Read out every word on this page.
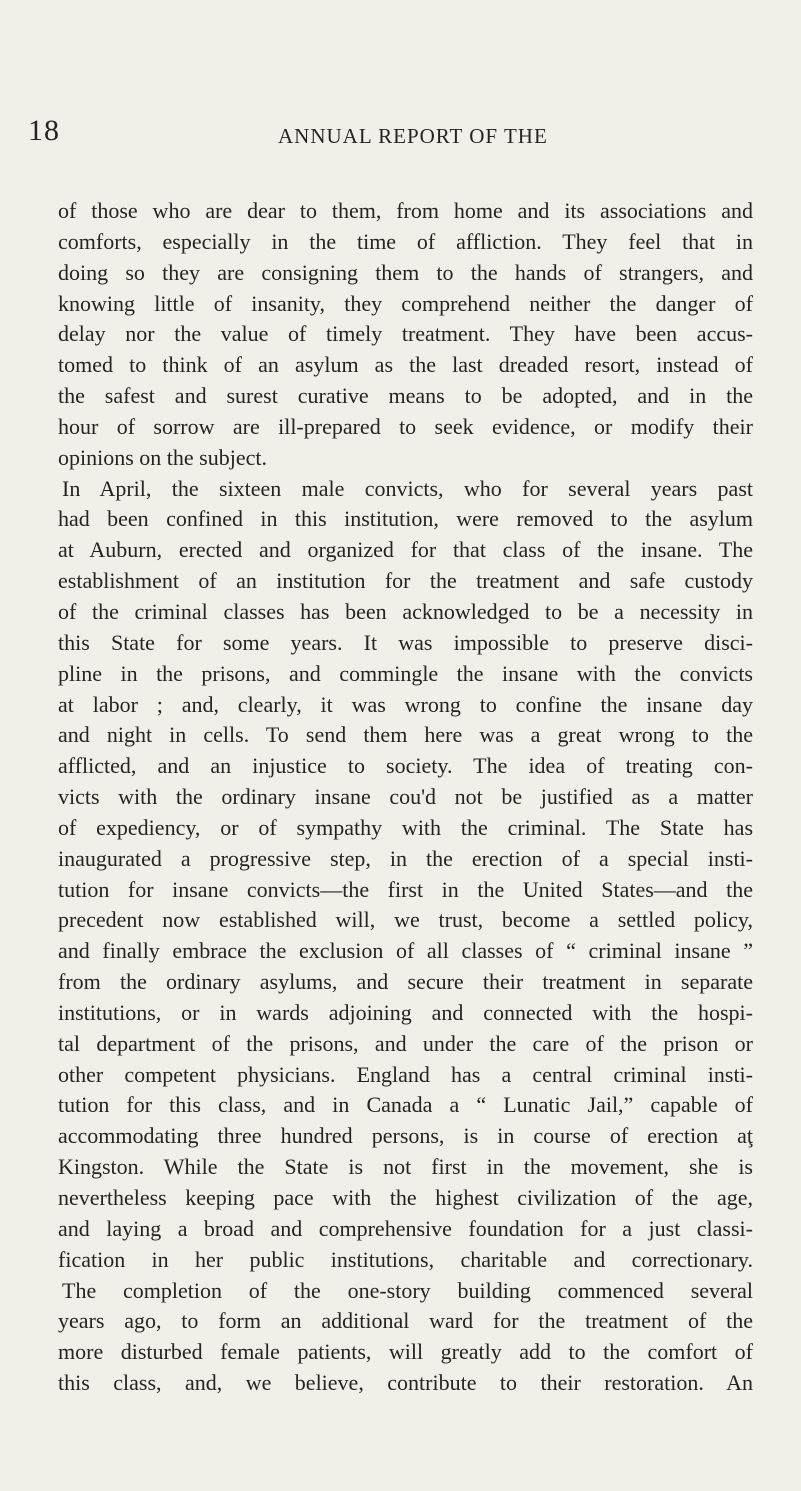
18	ANNUAL REPORT OF THE
of those who are dear to them, from home and its associations and
comforts, especially in the time of affliction. They feel that in
doing so they are consigning them to the hands of strangers, and
knowing little of insanity, they comprehend neither the danger of
delay nor the value of timely treatment. They have been accus-
tomed to think of an asylum as the last dreaded resort, instead of
the safest and surest curative means to be adopted, and in the
hour of sorrow are ill-prepared to seek evidence, or modify their
opinions on the subject.
In April, the sixteen male convicts, who for several years past
had been confined in this institution, were removed to the asylum
at Auburn, erected and organized for that class of the insane. The
establishment of an institution for the treatment and safe custody
of the criminal classes has been acknowledged to be a necessity in
this State for some years. It was impossible to preserve disci-
pline in the prisons, and commingle the insane with the convicts
at labor ; and, clearly, it was wrong to confine the insane day
and night in cells. To send them here was a great wrong to the
afflicted, and an injustice to society. The idea of treating con-
victs with the ordinary insane cou'd not be justified as a matter
of expediency, or of sympathy with the criminal. The State has
inaugurated a progressive step, in the erection of a special insti-
tution for insane convicts—the first in the United States—and the
precedent now established will, we trust, become a settled policy,
and finally embrace the exclusion of all classes of “ criminal insane ”
from the ordinary asylums, and secure their treatment in separate
institutions, or in wards adjoining and connected with the hospi-
tal department of the prisons, and under the care of the prison or
other competent physicians. England has a central criminal insti-
tution for this class, and in Canada a “ Lunatic Jail,” capable of
accommodating three hundred persons, is in course of erection aţ
Kingston. While the State is not first in the movement, she is
nevertheless keeping pace with the highest civilization of the age,
and laying a broad and comprehensive foundation for a just classi-
fication in her public institutions, charitable and correctionary.
The completion of the one-story building commenced several
years ago, to form an additional ward for the treatment of the
more disturbed female patients, will greatly add to the comfort of
this class, and, we believe, contribute to their restoration. An
